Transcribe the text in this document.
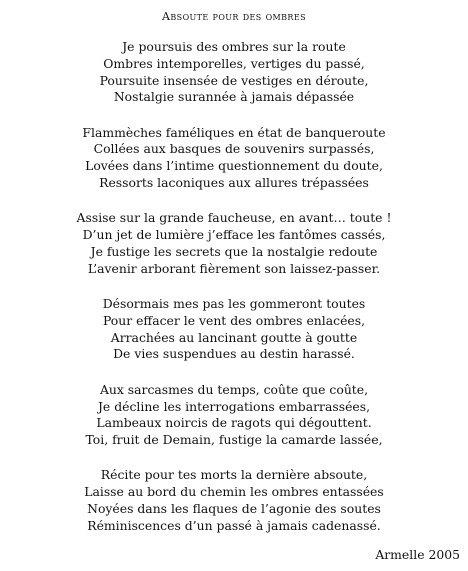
Absoute pour des ombres
Je poursuis des ombres sur la route
Ombres intemporelles, vertiges du passé,
Poursuite insensée de vestiges en déroute,
Nostalgie surannée à jamais dépassée
Flammèches faméliques en état de banqueroute
Collées aux basques de souvenirs surpassés,
Lovées dans l’intime questionnement du doute,
Ressorts laconiques aux allures trépassées
Assise sur la grande faucheuse, en avant… toute !
D’un jet de lumière j’efface les fantômes cassés,
Je fustige les secrets que la nostalgie redoute
L’avenir arborant fièrement son laissez-passer.
Désormais mes pas les gommeront toutes
Pour effacer le vent des ombres enlacées,
Arrachées au lancinant goutte à goutte
De vies suspendues au destin harassé.
Aux sarcasmes du temps, coûte que coûte,
Je décline les interrogations embarrassées,
Lambeaux noircis de ragots qui dégouttent.
Toi, fruit de Demain, fustige la camarde lassée,
Récite pour tes morts la dernière absoute,
Laisse au bord du chemin les ombres entassées
Noyées dans les flaques de l’agonie des soutes
Réminiscences d’un passé à jamais cadenassé.
Armelle 2005
